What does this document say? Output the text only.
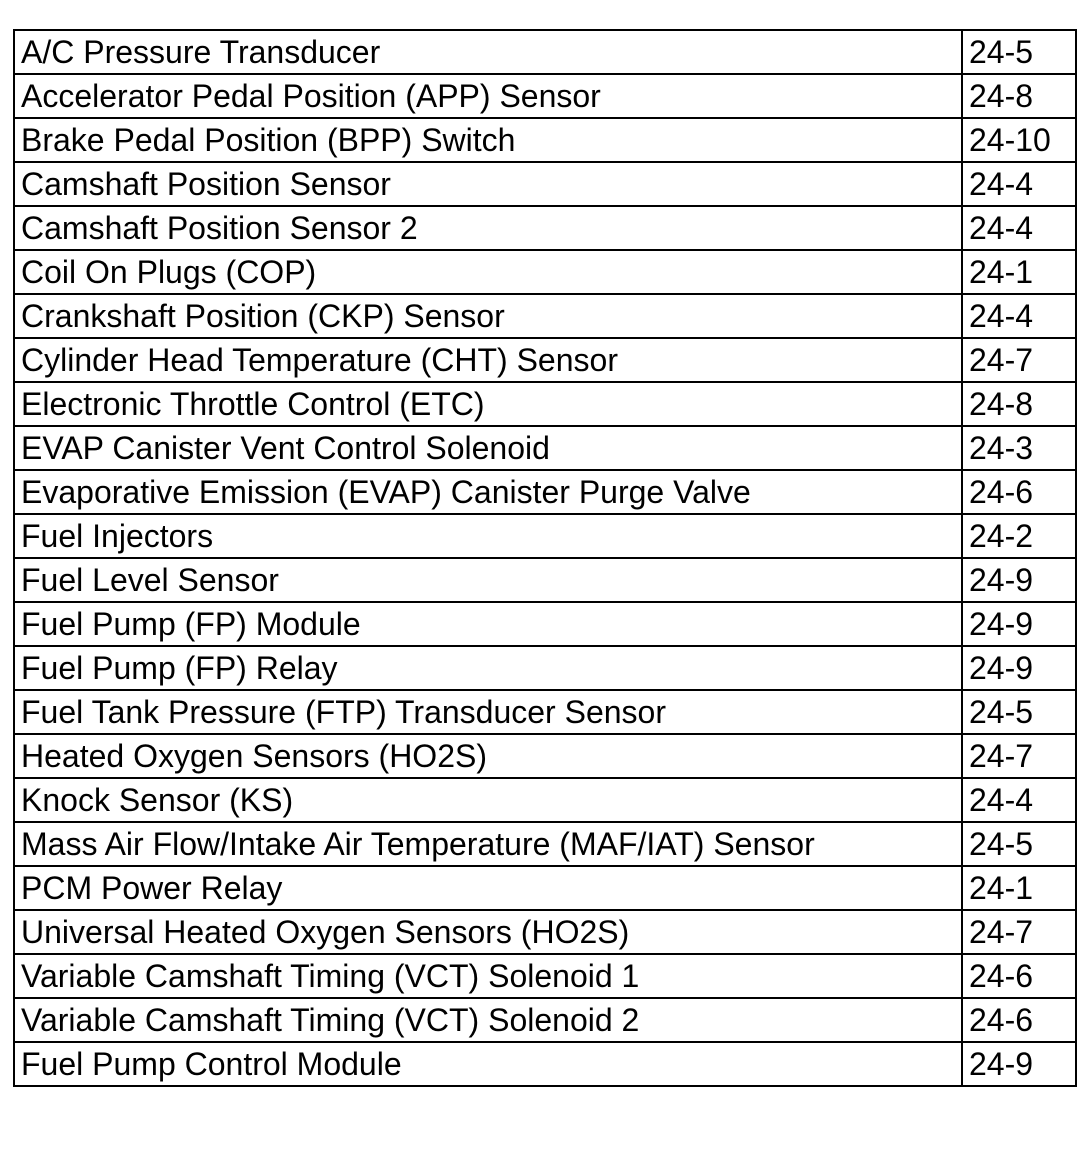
A/C Pressure Transducer	24-5
Accelerator Pedal Position (APP) Sensor	24-8
Brake Pedal Position (BPP) Switch	24-10
Camshaft Position Sensor	24-4
Camshaft Position Sensor 2	24-4
Coil On Plugs (COP)	24-1
Crankshaft Position (CKP) Sensor	24-4
Cylinder Head Temperature (CHT) Sensor	24-7
Electronic Throttle Control (ETC)	24-8
EVAP Canister Vent Control Solenoid	24-3
Evaporative Emission (EVAP) Canister Purge Valve	24-6
Fuel Injectors	24-2
Fuel Level Sensor	24-9
Fuel Pump (FP) Module	24-9
Fuel Pump (FP) Relay	24-9
Fuel Tank Pressure (FTP) Transducer Sensor	24-5
Heated Oxygen Sensors (HO2S)	24-7
Knock Sensor (KS)	24-4
Mass Air Flow/Intake Air Temperature (MAF/IAT) Sensor	24-5
PCM Power Relay	24-1
Universal Heated Oxygen Sensors (HO2S)	24-7
Variable Camshaft Timing (VCT) Solenoid 1	24-6
Variable Camshaft Timing (VCT) Solenoid 2	24-6
Fuel Pump Control Module	24-9
